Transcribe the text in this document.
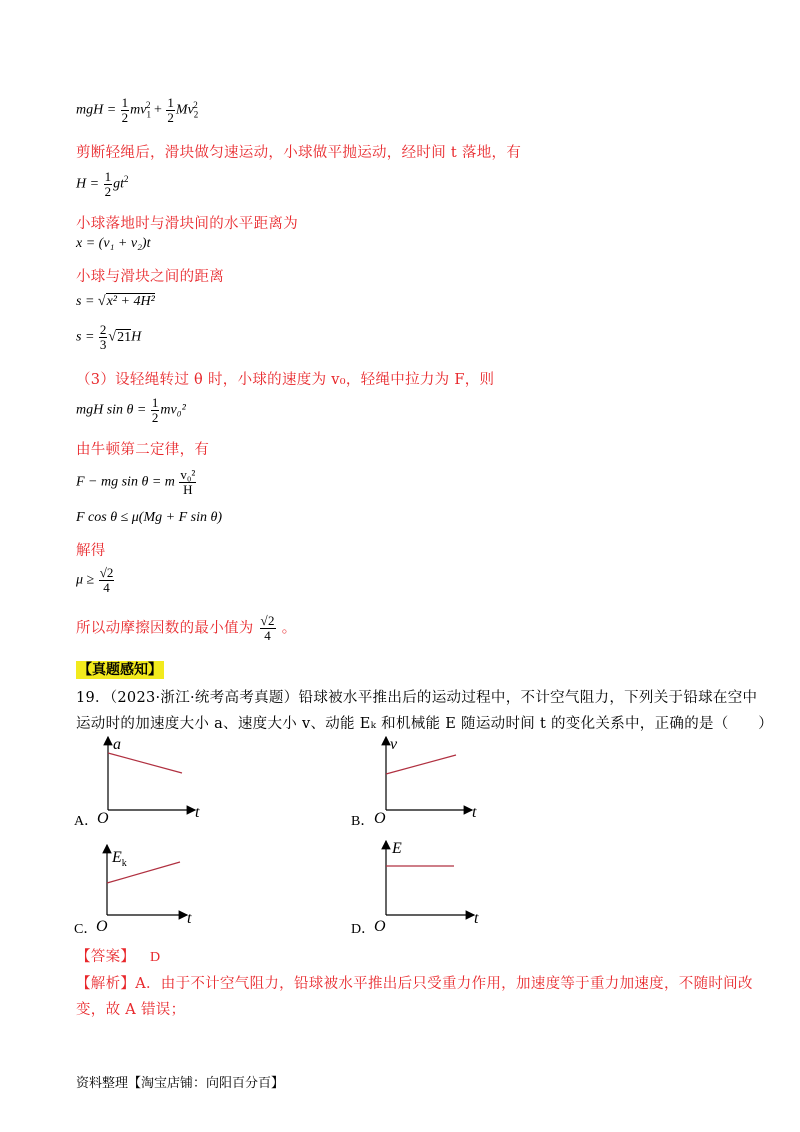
mgH = $\frac{1}{2} mv_1^2 + \frac{1}{2} Mv_2^2$
剪断轻绳后，滑块做匀速运动，小球做平抛运动，经时间 t 落地，有
$H = \frac{1}{2} gt^2$
小球落地时与滑块间的水平距离为
x = (v₁ + v₂)t
小球与滑块之间的距离
s = √x² + 4H²
$s = \frac{2}{3} √21H$
（3）设轻绳转过 θ 时，小球的速度为 v₀，轻绳中拉力为 F，则
mgH $\sin \theta = \frac{1}{2} mv_0^2$
由牛顿第二定律，有
F − mg sin θ = m $\frac{\text{v₀²}}{H}$
F cos θ ≤ μ(Mg + F sin θ)
解得
$\mu \ge \frac{√2}{4}$
所以动摩擦因数的最小值为 $\frac{√2}{4}$ 。
【真题感知】
19．（2023·浙江·统考高考真题）铅球被水平推出后的运动过程中，不计空气阻力，下列关于铅球在空中
运动时的加速度大小 a、速度大小 v、动能 Eₖ 和机械能 E 随运动时间 t 的变化关系中，正确的是（　　）
a
t
O
A．
v
t
O
B．
$E_k$
t
O
C．
E
t
O
D．
【答案】 D
【解析】A．由于不计空气阻力，铅球被水平推出后只受重力作用，加速度等于重力加速度，不随时间改
变，故 A 错误；
资料整理【淘宝店铺：向阳百分百】
